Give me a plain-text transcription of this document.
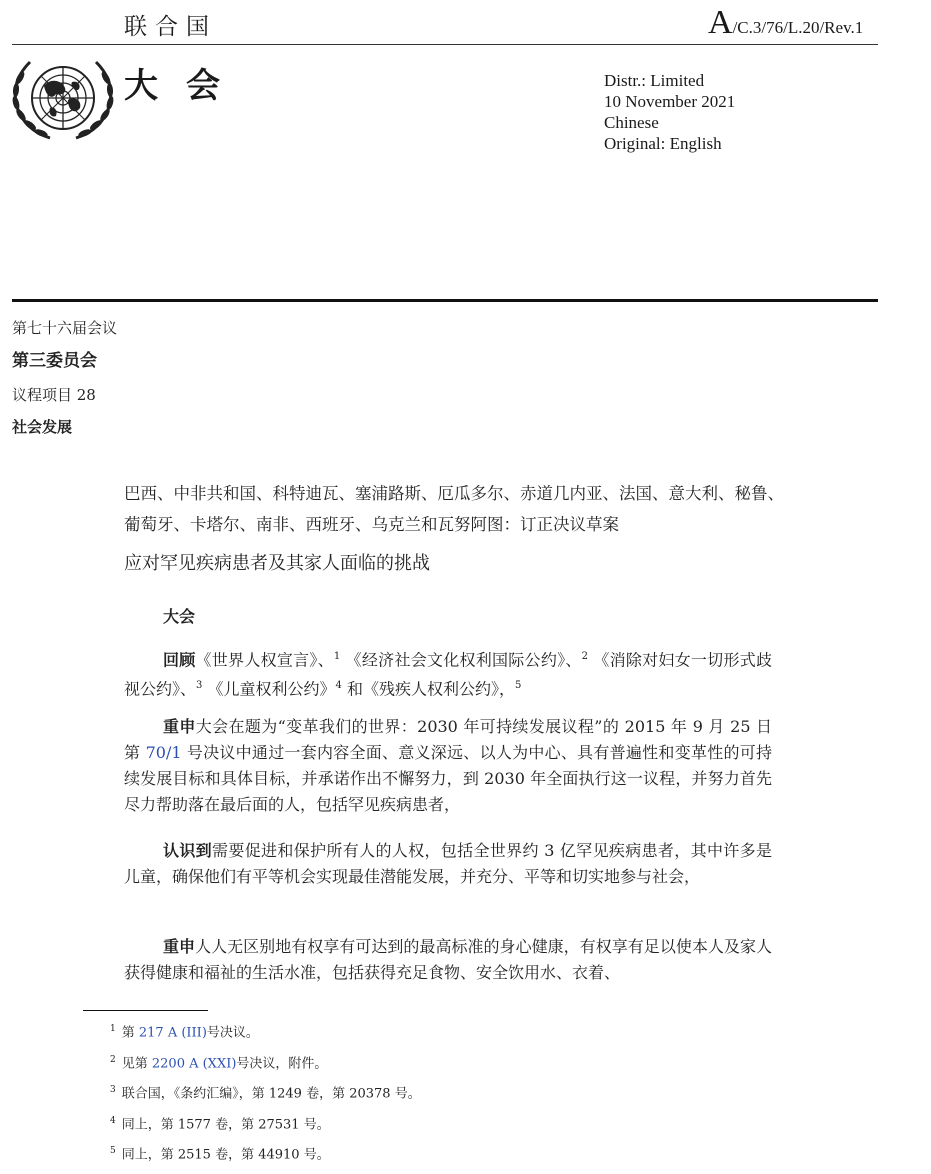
联合国	A/C.3/76/L.20/Rev.1
大会	Distr.: Limited
10 November 2021
Chinese
Original: English
第七十六届会议
第三委员会
议程项目 28
社会发展
巴西、中非共和国、科特迪瓦、塞浦路斯、厄瓜多尔、赤道几内亚、法国、意大利、秘鲁、葡萄牙、卡塔尔、南非、西班牙、乌克兰和瓦努阿图：订正决议草案
应对罕见疾病患者及其家人面临的挑战
大会
回顾《世界人权宣言》、$^1$ 《经济社会文化权利国际公约》、$^2$ 《消除对妇女一切形式歧视公约》、$^3$ 《儿童权利公约》$^4$ 和《残疾人权利公约》，$^5$
重申大会在题为“变革我们的世界：2030 年可持续发展议程”的 2015 年 9 月 25 日第 70/1 号决议中通过一套内容全面、意义深远、以人为中心、具有普遍性和变革性的可持续发展目标和具体目标，并承诺作出不懈努力，到 2030 年全面执行这一议程，并努力首先尽力帮助落在最后面的人，包括罕见疾病患者，
认识到需要促进和保护所有人的人权，包括全世界约 3 亿罕见疾病患者，其中许多是儿童，确保他们有平等机会实现最佳潜能发展，并充分、平等和切实地参与社会，
重申人人无区别地有权享有可达到的最高标准的身心健康，有权享有足以使本人及家人获得健康和福祉的生活水准，包括获得充足食物、安全饮用水、衣着、
$^1$ 第 217 A (III)号决议。
$^2$ 见第 2200 A (XXI)号决议，附件。
$^3$ 联合国，《条约汇编》，第 1249 卷，第 20378 号。
$^4$ 同上，第 1577 卷，第 27531 号。
$^5$ 同上，第 2515 卷，第 44910 号。
